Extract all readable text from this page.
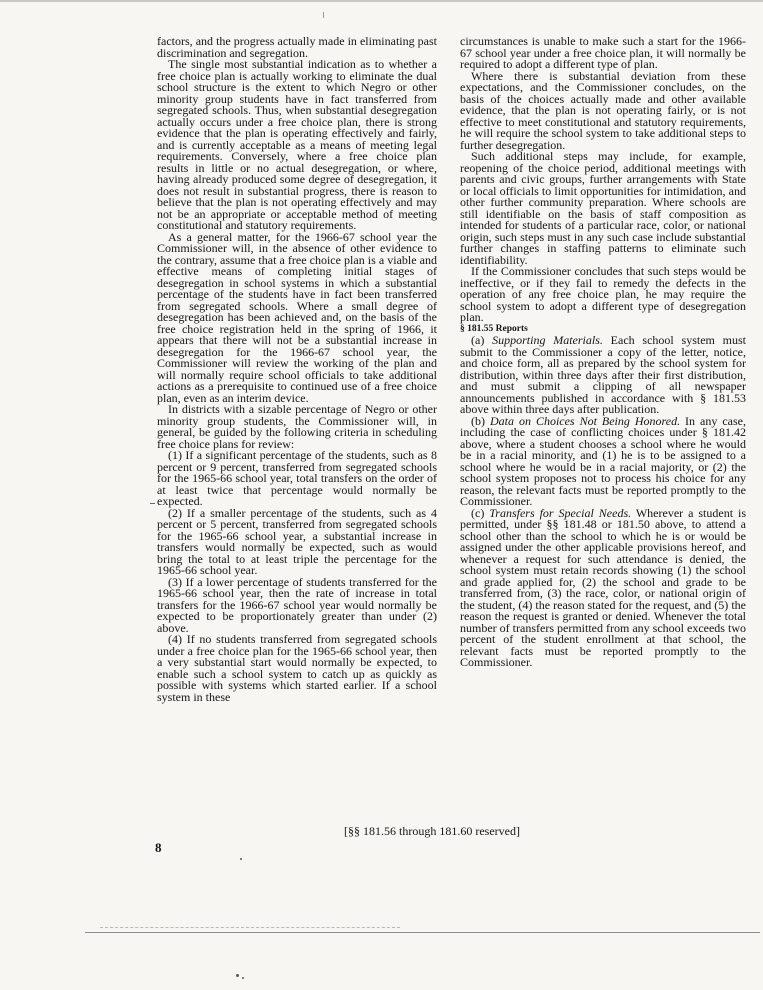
factors, and the progress actually made in eliminating past discrimination and segregation.

The single most substantial indication as to whether a free choice plan is actually working to eliminate the dual school structure is the extent to which Negro or other minority group students have in fact transferred from segregated schools. Thus, when substantial desegregation actually occurs under a free choice plan, there is strong evidence that the plan is operating effectively and fairly, and is currently acceptable as a means of meeting legal requirements. Conversely, where a free choice plan results in little or no actual desegregation, or where, having already produced some degree of desegregation, it does not result in substantial progress, there is reason to believe that the plan is not operating effectively and may not be an appropriate or acceptable method of meeting constitutional and statutory requirements.

As a general matter, for the 1966-67 school year the Commissioner will, in the absence of other evidence to the contrary, assume that a free choice plan is a viable and effective means of completing initial stages of desegregation in school systems in which a substantial percentage of the students have in fact been transferred from segregated schools. Where a small degree of desegregation has been achieved and, on the basis of the free choice registration held in the spring of 1966, it appears that there will not be a substantial increase in desegregation for the 1966-67 school year, the Commissioner will review the working of the plan and will normally require school officials to take additional actions as a prerequisite to continued use of a free choice plan, even as an interim device.

In districts with a sizable percentage of Negro or other minority group students, the Commissioner will, in general, be guided by the following criteria in scheduling free choice plans for review:

(1) If a significant percentage of the students, such as 8 percent or 9 percent, transferred from segregated schools for the 1965-66 school year, total transfers on the order of at least twice that percentage would normally be expected.

(2) If a smaller percentage of the students, such as 4 percent or 5 percent, transferred from segregated schools for the 1965-66 school year, a substantial increase in transfers would normally be expected, such as would bring the total to at least triple the percentage for the 1965-66 school year.

(3) If a lower percentage of students transferred for the 1965-66 school year, then the rate of increase in total transfers for the 1966-67 school year would normally be expected to be proportionately greater than under (2) above.

(4) If no students transferred from segregated schools under a free choice plan for the 1965-66 school year, then a very substantial start would normally be expected, to enable such a school system to catch up as quickly as possible with systems which started earlier. If a school system in these

circumstances is unable to make such a start for the 1966-67 school year under a free choice plan, it will normally be required to adopt a different type of plan.

Where there is substantial deviation from these expectations, and the Commissioner concludes, on the basis of the choices actually made and other available evidence, that the plan is not operating fairly, or is not effective to meet constitutional and statutory requirements, he will require the school system to take additional steps to further desegregation.

Such additional steps may include, for example, reopening of the choice period, additional meetings with parents and civic groups, further arrangements with State or local officials to limit opportunities for intimidation, and other further community preparation. Where schools are still identifiable on the basis of staff composition as intended for students of a particular race, color, or national origin, such steps must in any such case include substantial further changes in staffing patterns to eliminate such identifiability.

If the Commissioner concludes that such steps would be ineffective, or if they fail to remedy the defects in the operation of any free choice plan, he may require the school system to adopt a different type of desegregation plan.

§ 181.55 Reports

(a) Supporting Materials. Each school system must submit to the Commissioner a copy of the letter, notice, and choice form, all as prepared by the school system for distribution, within three days after their first distribution, and must submit a clipping of all newspaper announcements published in accordance with § 181.53 above within three days after publication.

(b) Data on Choices Not Being Honored. In any case, including the case of conflicting choices under § 181.42 above, where a student chooses a school where he would be in a racial minority, and (1) he is to be assigned to a school where he would be in a racial majority, or (2) the school system proposes not to process his choice for any reason, the relevant facts must be reported promptly to the Commissioner.

(c) Transfers for Special Needs. Wherever a student is permitted, under §§ 181.48 or 181.50 above, to attend a school other than the school to which he is or would be assigned under the other applicable provisions hereof, and whenever a request for such attendance is denied, the school system must retain records showing (1) the school and grade applied for, (2) the school and grade to be transferred from, (3) the race, color, or national origin of the student, (4) the reason stated for the request, and (5) the reason the request is granted or denied. Whenever the total number of transfers permitted from any school exceeds two percent of the student enrollment at that school, the relevant facts must be reported promptly to the Commissioner.

[§§ 181.56 through 181.60 reserved]
8
